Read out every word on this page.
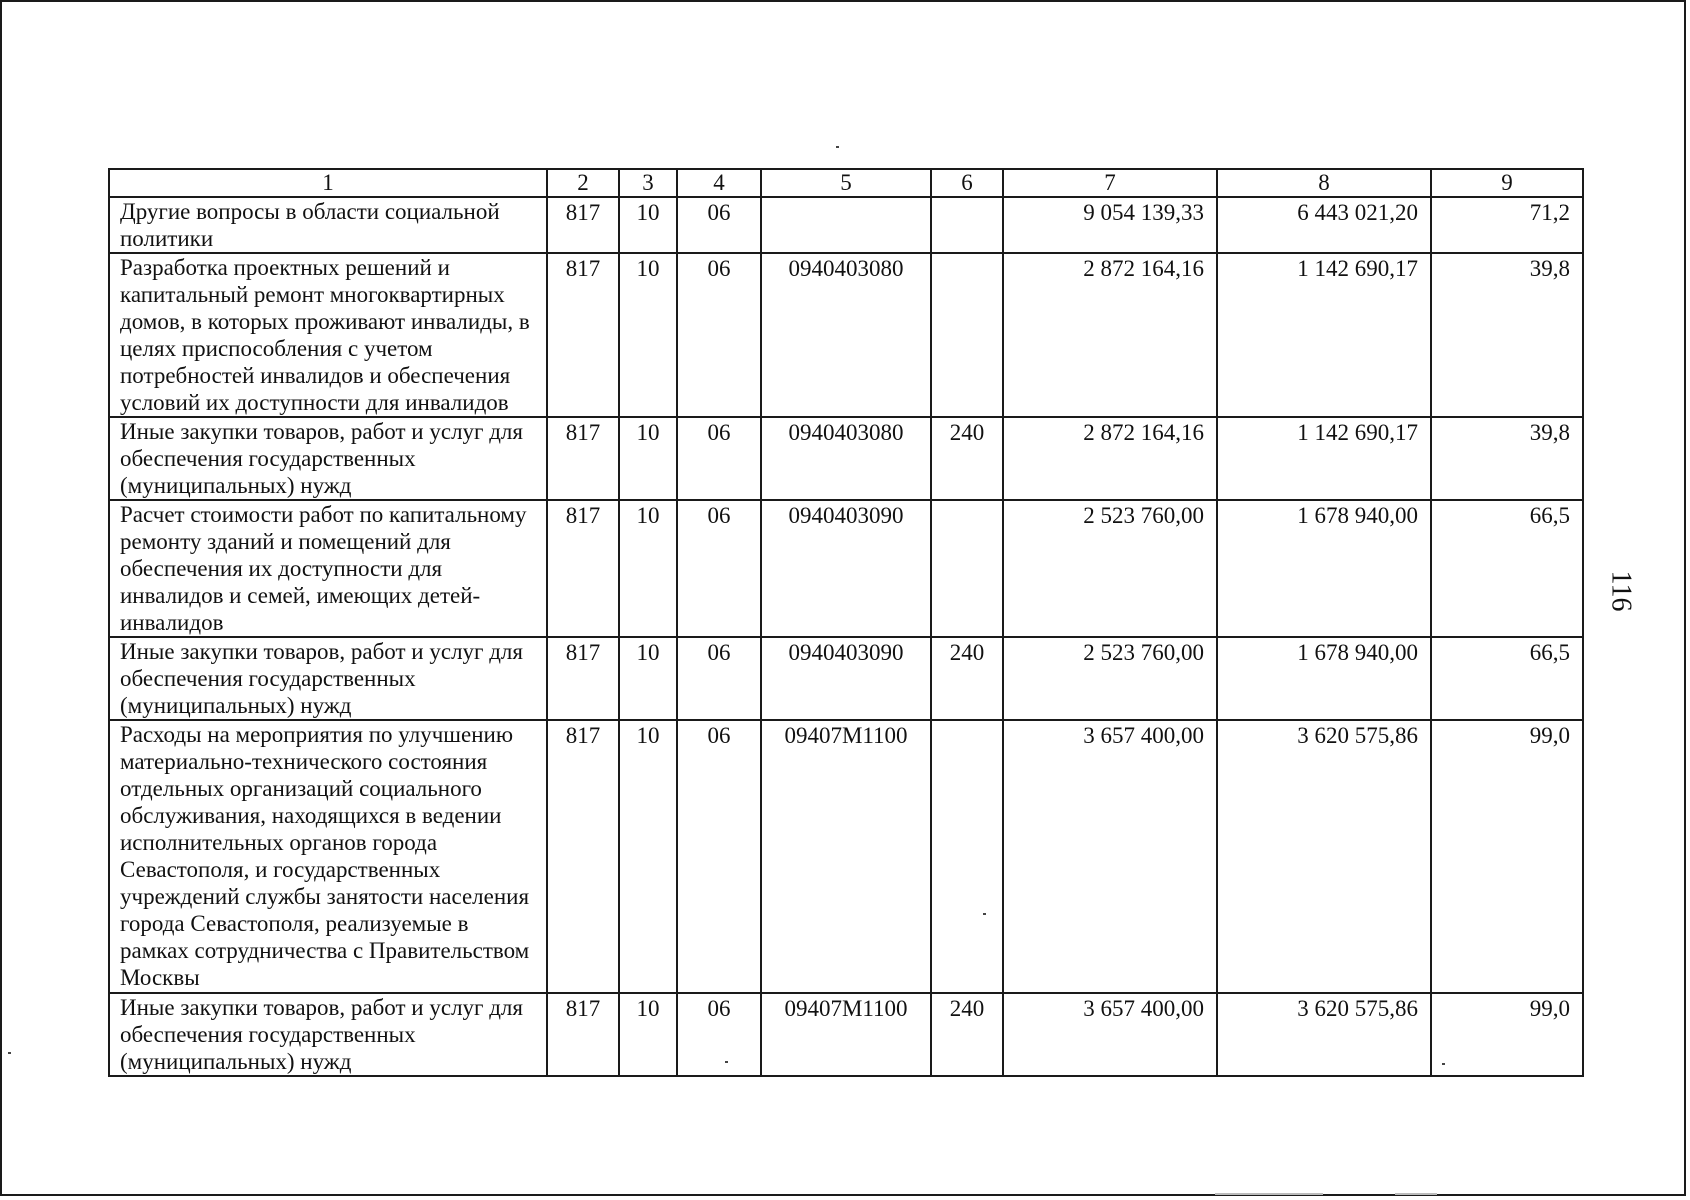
1	2	3	4	5	6	7	8	9
Другие вопросы в области социальной политики	817	10	06			9 054 139,33	6 443 021,20	71,2
Разработка проектных решений и капитальный ремонт многоквартирных домов, в которых проживают инвалиды, в целях приспособления с учетом потребностей инвалидов и обеспечения условий их доступности для инвалидов	817	10	06	0940403080		2 872 164,16	1 142 690,17	39,8
Иные закупки товаров, работ и услуг для обеспечения государственных (муниципальных) нужд	817	10	06	0940403080	240	2 872 164,16	1 142 690,17	39,8
Расчет стоимости работ по капитальному ремонту зданий и помещений для обеспечения их доступности для инвалидов и семей, имеющих детей-инвалидов	817	10	06	0940403090		2 523 760,00	1 678 940,00	66,5
Иные закупки товаров, работ и услуг для обеспечения государственных (муниципальных) нужд	817	10	06	0940403090	240	2 523 760,00	1 678 940,00	66,5
Расходы на мероприятия по улучшению материально-технического состояния отдельных организаций социального обслуживания, находящихся в ведении исполнительных органов города Севастополя, и государственных учреждений службы занятости населения города Севастополя, реализуемые в рамках сотрудничества с Правительством Москвы	817	10	06	09407М1100		3 657 400,00	3 620 575,86	99,0
Иные закупки товаров, работ и услуг для обеспечения государственных (муниципальных) нужд	817	10	06	09407М1100	240	3 657 400,00	3 620 575,86	99,0
116
